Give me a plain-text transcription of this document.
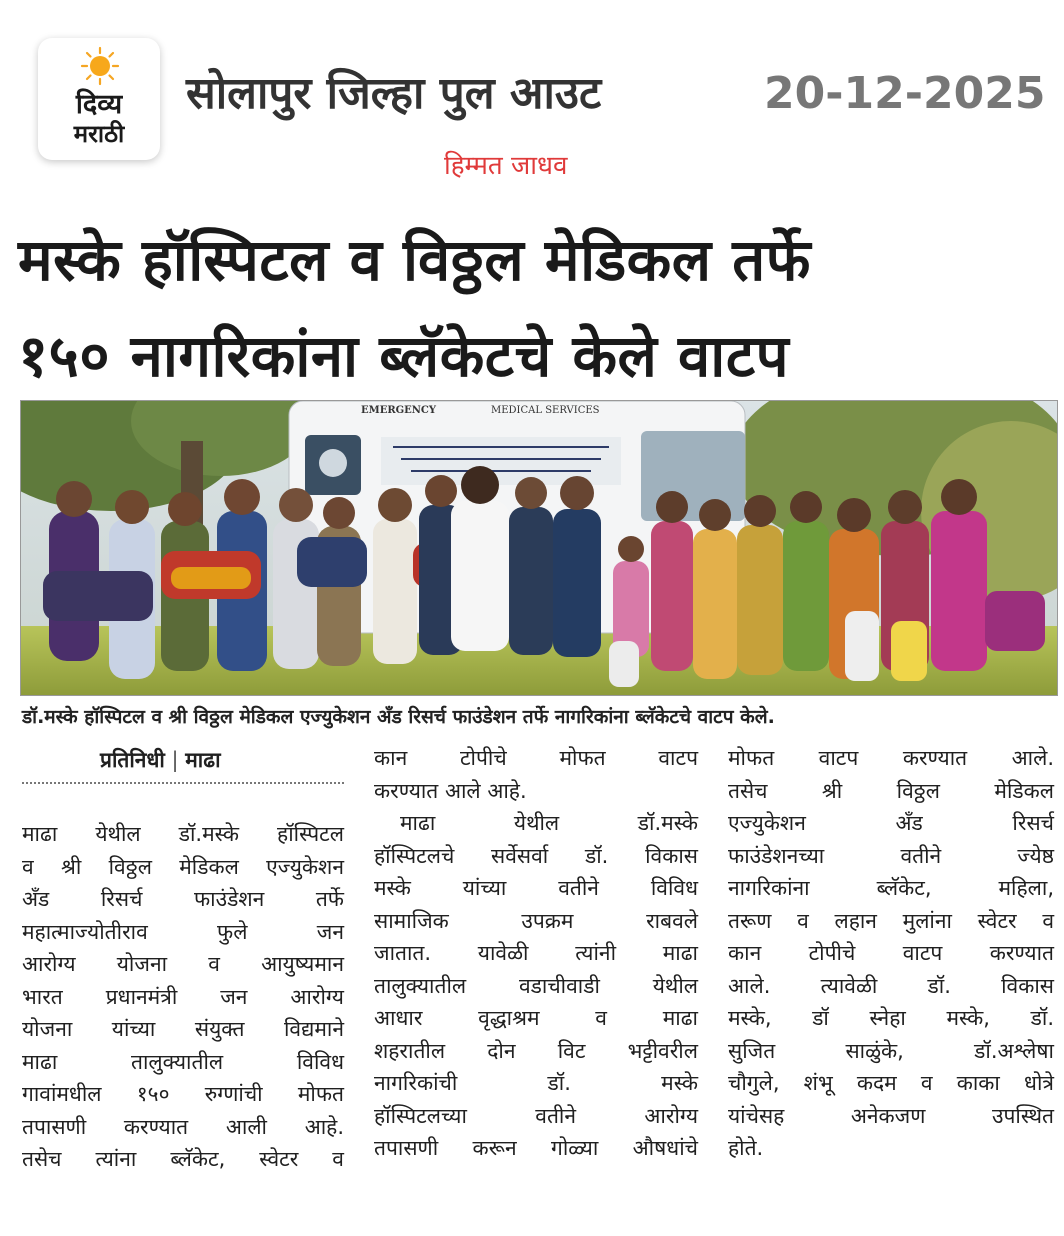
दिव्य
मराठी
सोलापुर जिल्हा पुल आउट	20-12-2025
हिम्मत जाधव
मस्के हॉस्पिटल व विठ्ठल मेडिकल तर्फे
१५० नागरिकांना ब्लॅकेटचे केले वाटप
EMERGENCY	MEDICAL SERVICES
डॉ.मस्के हॉस्पिटल व श्री विठ्ठल मेडिकल एज्युकेशन अँड रिसर्च फाउंडेशन तर्फे नागरिकांना ब्लॅकेटचे वाटप केले.
प्रतिनिधी | माढा

माढा येथील डॉ.मस्के हॉस्पिटल

व श्री विठ्ठल मेडिकल एज्युकेशन

अँड रिसर्च फाउंडेशन तर्फे

महात्माज्योतीराव फुले जन

आरोग्य योजना व आयुष्यमान

भारत प्रधानमंत्री जन आरोग्य

योजना यांच्या संयुक्त विद्यमाने

माढा तालुक्यातील विविध

गावांमधील १५० रुग्णांची मोफत

तपासणी करण्यात आली आहे.

तसेच त्यांना ब्लॅकेट, स्वेटर व

कान टोपीचे मोफत वाटप

करण्यात आले आहे.

माढा येथील डॉ.मस्के

हॉस्पिटलचे सर्वेसर्वा डॉ. विकास

मस्के यांच्या वतीने विविध

सामाजिक उपक्रम राबवले

जातात. यावेळी त्यांनी माढा

तालुक्यातील वडाचीवाडी येथील

आधार वृद्धाश्रम व माढा

शहरातील दोन विट भट्टीवरील

नागरिकांची डॉ. मस्के

हॉस्पिटलच्या वतीने आरोग्य

तपासणी करून गोळ्या औषधांचे

मोफत वाटप करण्यात आले.

तसेच श्री विठ्ठल मेडिकल

एज्युकेशन अँड रिसर्च

फाउंडेशनच्या वतीने ज्येष्ठ

नागरिकांना ब्लॅकेट, महिला,

तरूण व लहान मुलांना स्वेटर व

कान टोपीचे वाटप करण्यात

आले. त्यावेळी डॉ. विकास

मस्के, डॉ स्नेहा मस्के, डॉ.

सुजित साळुंके, डॉ.अश्लेषा

चौगुले, शंभू कदम व काका धोत्रे

यांचेसह अनेकजण उपस्थित

होते.
